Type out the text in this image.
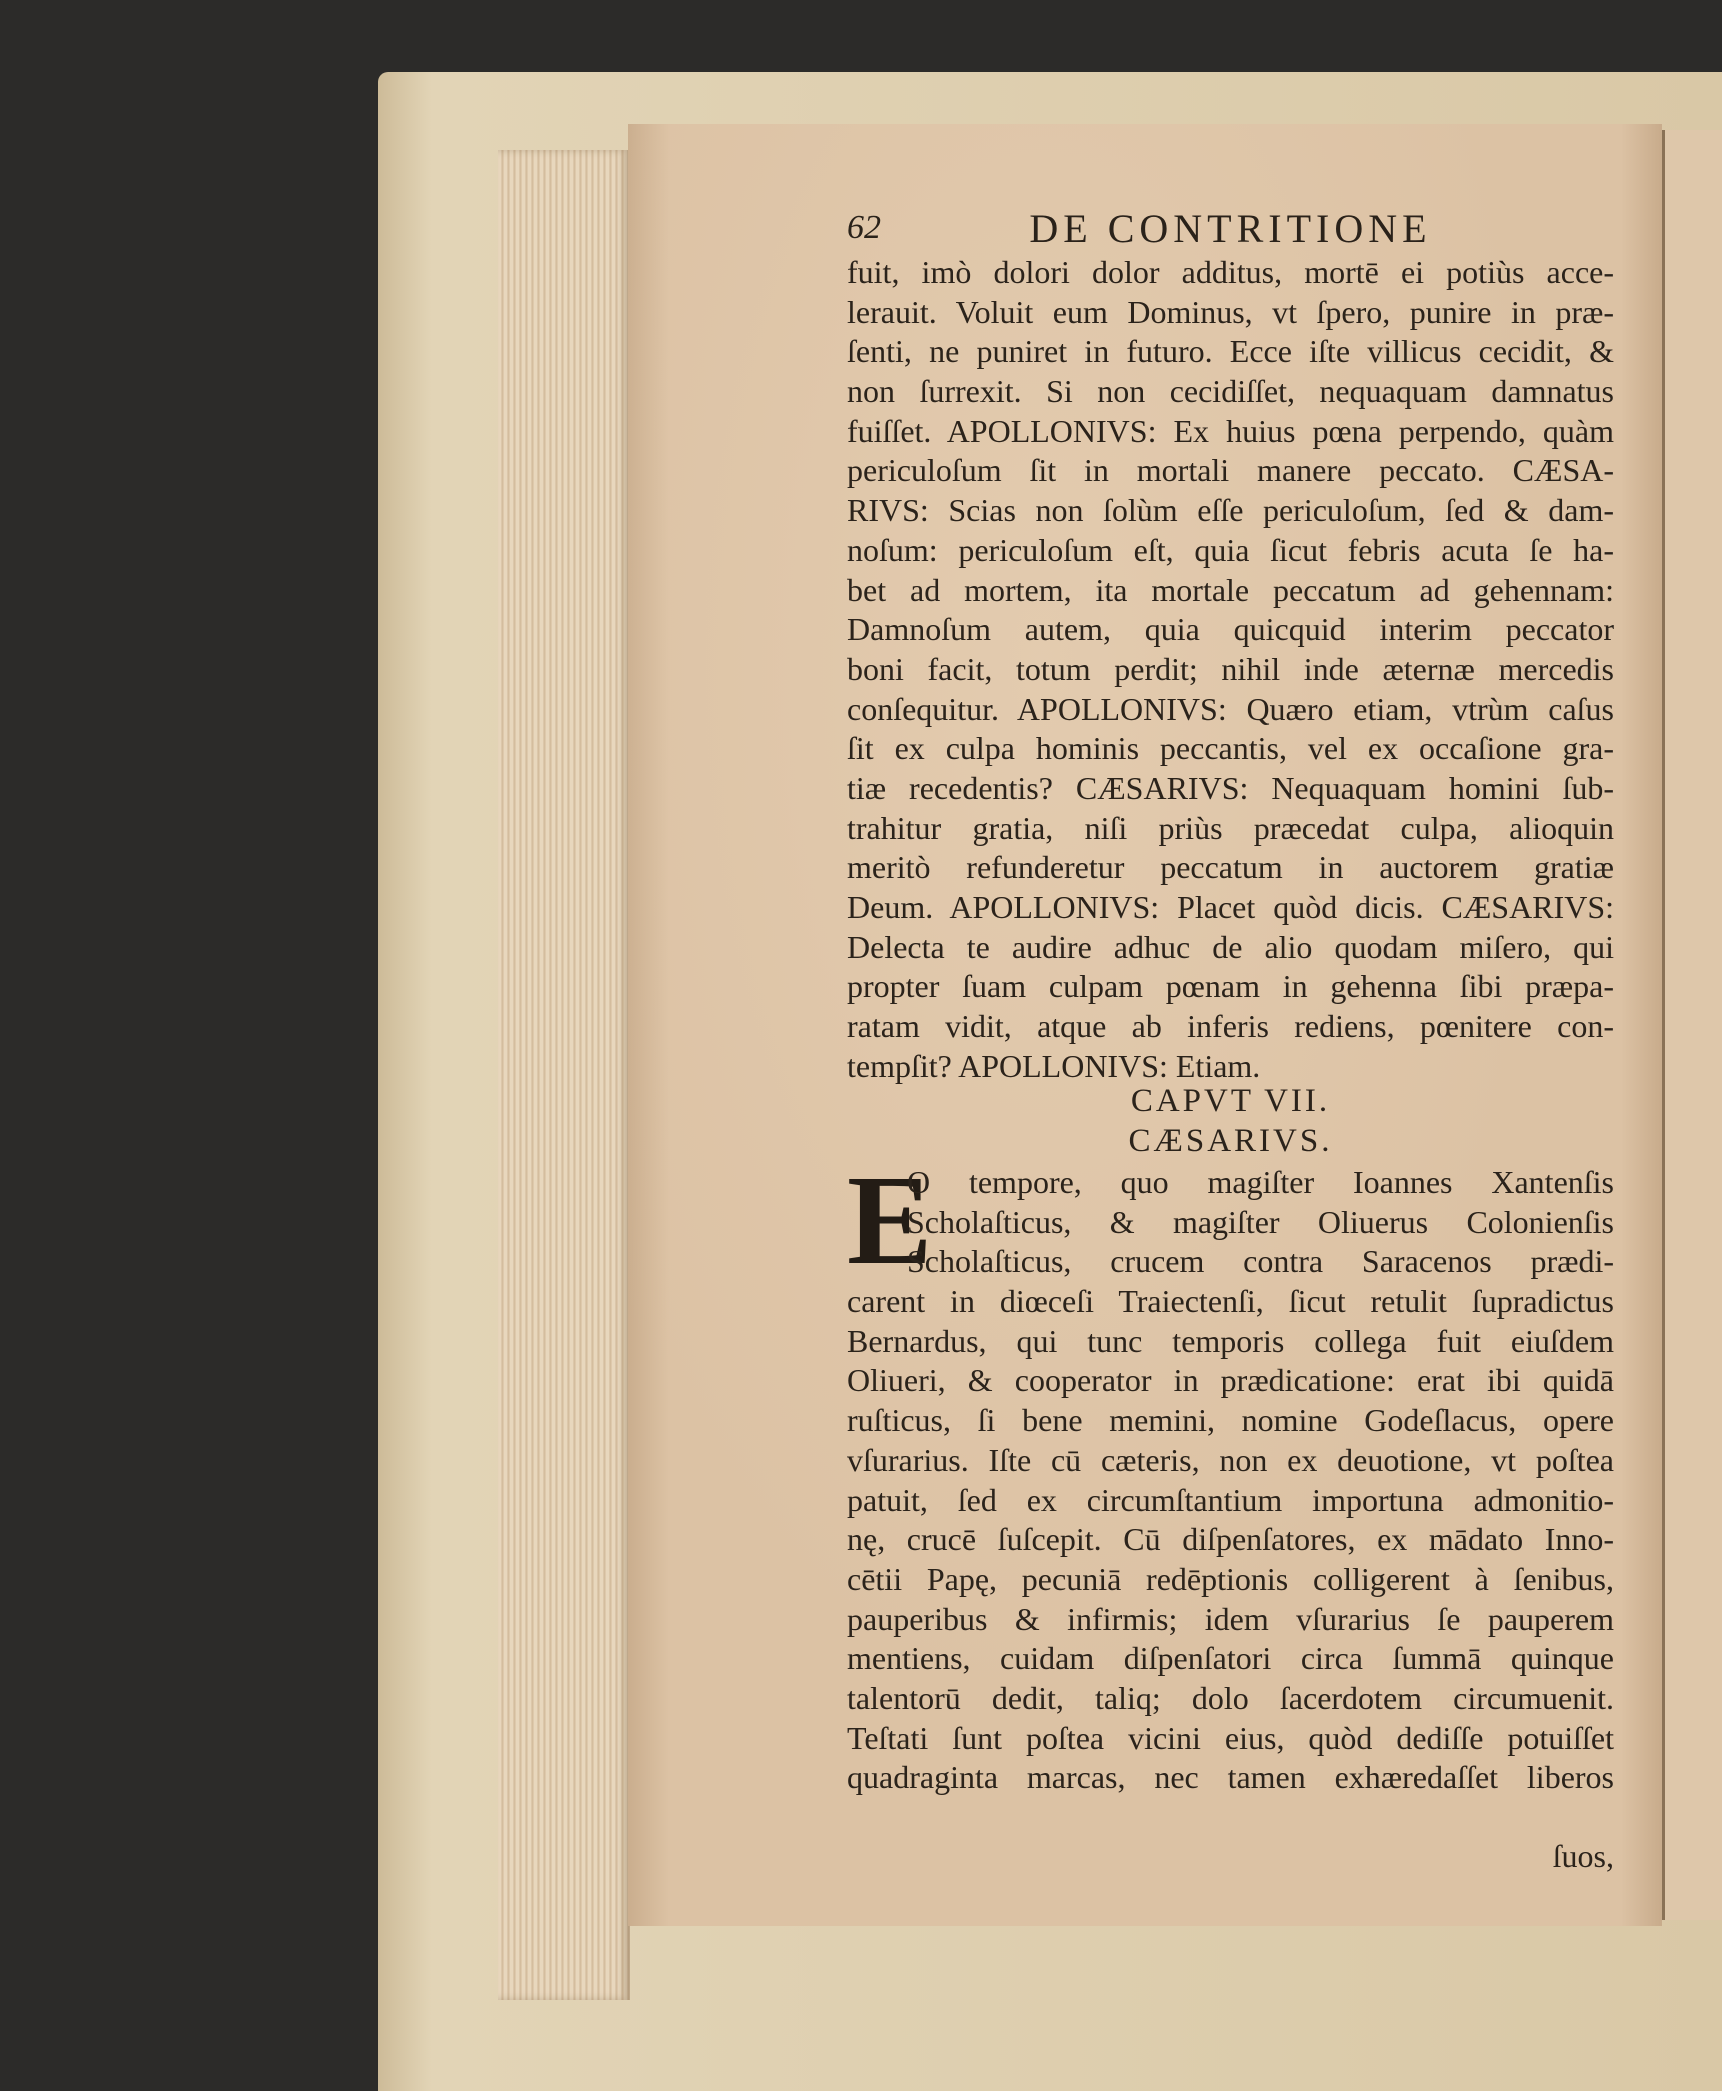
62	DE CONTRITIONE
fuit, imò dolori dolor additus, mortē ei potiùs acce-
lerauit. Voluit eum Dominus, vt ſpero, punire in præ-
ſenti, ne puniret in futuro. Ecce iſte villicus cecidit, &
non ſurrexit. Si non cecidiſſet, nequaquam damnatus
fuiſſet. APOLLONIVS: Ex huius pœna perpendo, quàm
periculoſum ſit in mortali manere peccato. CÆSA-
RIVS: Scias non ſolùm eſſe periculoſum, ſed & dam-
noſum: periculoſum eſt, quia ſicut febris acuta ſe ha-
bet ad mortem, ita mortale peccatum ad gehennam:
Damnoſum autem, quia quicquid interim peccator
boni facit, totum perdit; nihil inde æternæ mercedis
conſequitur. APOLLONIVS: Quæro etiam, vtrùm caſus
ſit ex culpa hominis peccantis, vel ex occaſione gra-
tiæ recedentis? CÆSARIVS: Nequaquam homini ſub-
trahitur gratia, niſi priùs præcedat culpa, alioquin
meritò refunderetur peccatum in auctorem gratiæ
Deum. APOLLONIVS: Placet quòd dicis. CÆSARIVS:
Delecta te audire adhuc de alio quodam miſero, qui
propter ſuam culpam pœnam in gehenna ſibi præpa-
ratam vidit, atque ab inferis rediens, pœnitere con-
tempſit? APOLLONIVS: Etiam.
CAPVT VII.
CÆSARIVS.
E
O tempore, quo magiſter Ioannes Xantenſis
Scholaſticus, & magiſter Oliuerus Colonienſis
Scholaſticus, crucem contra Saracenos prædi-
carent in diœceſi Traiectenſi, ſicut retulit ſupradictus
Bernardus, qui tunc temporis collega fuit eiuſdem
Oliueri, & cooperator in prædicatione: erat ibi quidā
ruſticus, ſi bene memini, nomine Godeſlacus, opere
vſurarius. Iſte cū cæteris, non ex deuotione, vt poſtea
patuit, ſed ex circumſtantium importuna admonitio-
nę, crucē ſuſcepit. Cū diſpenſatores, ex mādato Inno-
cētii Papę, pecuniā redēptionis colligerent à ſenibus,
pauperibus & infirmis; idem vſurarius ſe pauperem
mentiens, cuidam diſpenſatori circa ſummā quinque
talentorū dedit, taliq; dolo ſacerdotem circumuenit.
Teſtati ſunt poſtea vicini eius, quòd dediſſe potuiſſet
quadraginta marcas, nec tamen exhæredaſſet liberos
ſuos,
